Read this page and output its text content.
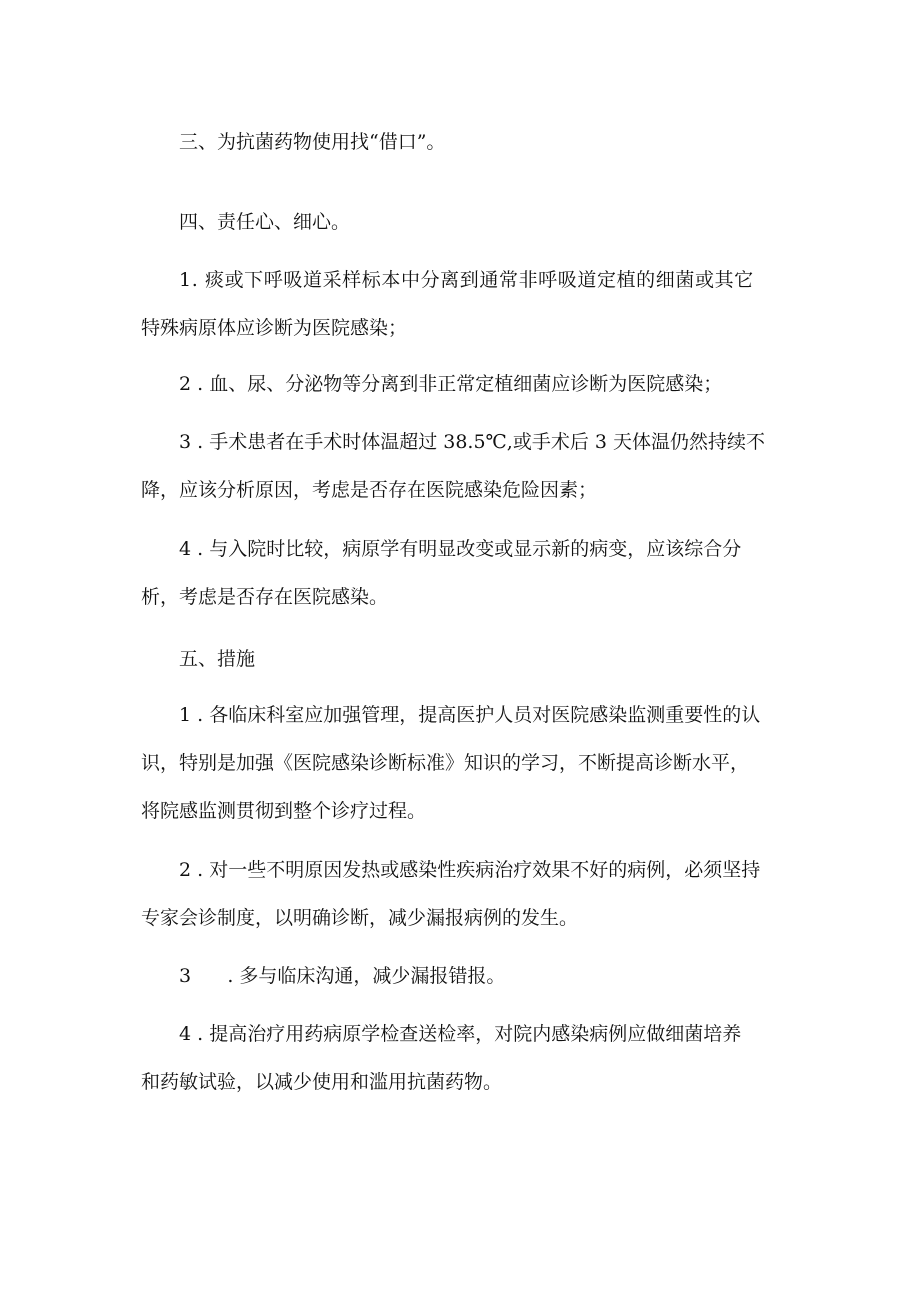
三、为抗菌药物使用找“借口”。

四、责任心、细心。

1. 痰或下呼吸道采样标本中分离到通常非呼吸道定植的细菌或其它

特殊病原体应诊断为医院感染；

2 . 血、尿、分泌物等分离到非正常定植细菌应诊断为医院感染；

3 . 手术患者在手术时体温超过 38.5℃,或手术后 3 天体温仍然持续不

降，应该分析原因，考虑是否存在医院感染危险因素；

4 . 与入院时比较，病原学有明显改变或显示新的病变，应该综合分

析，考虑是否存在医院感染。

五、措施

1 . 各临床科室应加强管理，提高医护人员对医院感染监测重要性的认

识，特别是加强《医院感染诊断标准》知识的学习，不断提高诊断水平，

将院感监测贯彻到整个诊疗过程。

2 . 对一些不明原因发热或感染性疾病治疗效果不好的病例，必须坚持

专家会诊制度，以明确诊断，减少漏报病例的发生。

3      . 多与临床沟通，减少漏报错报。

4 . 提高治疗用药病原学检查送检率，对院内感染病例应做细菌培养

和药敏试验，以减少使用和滥用抗菌药物。
